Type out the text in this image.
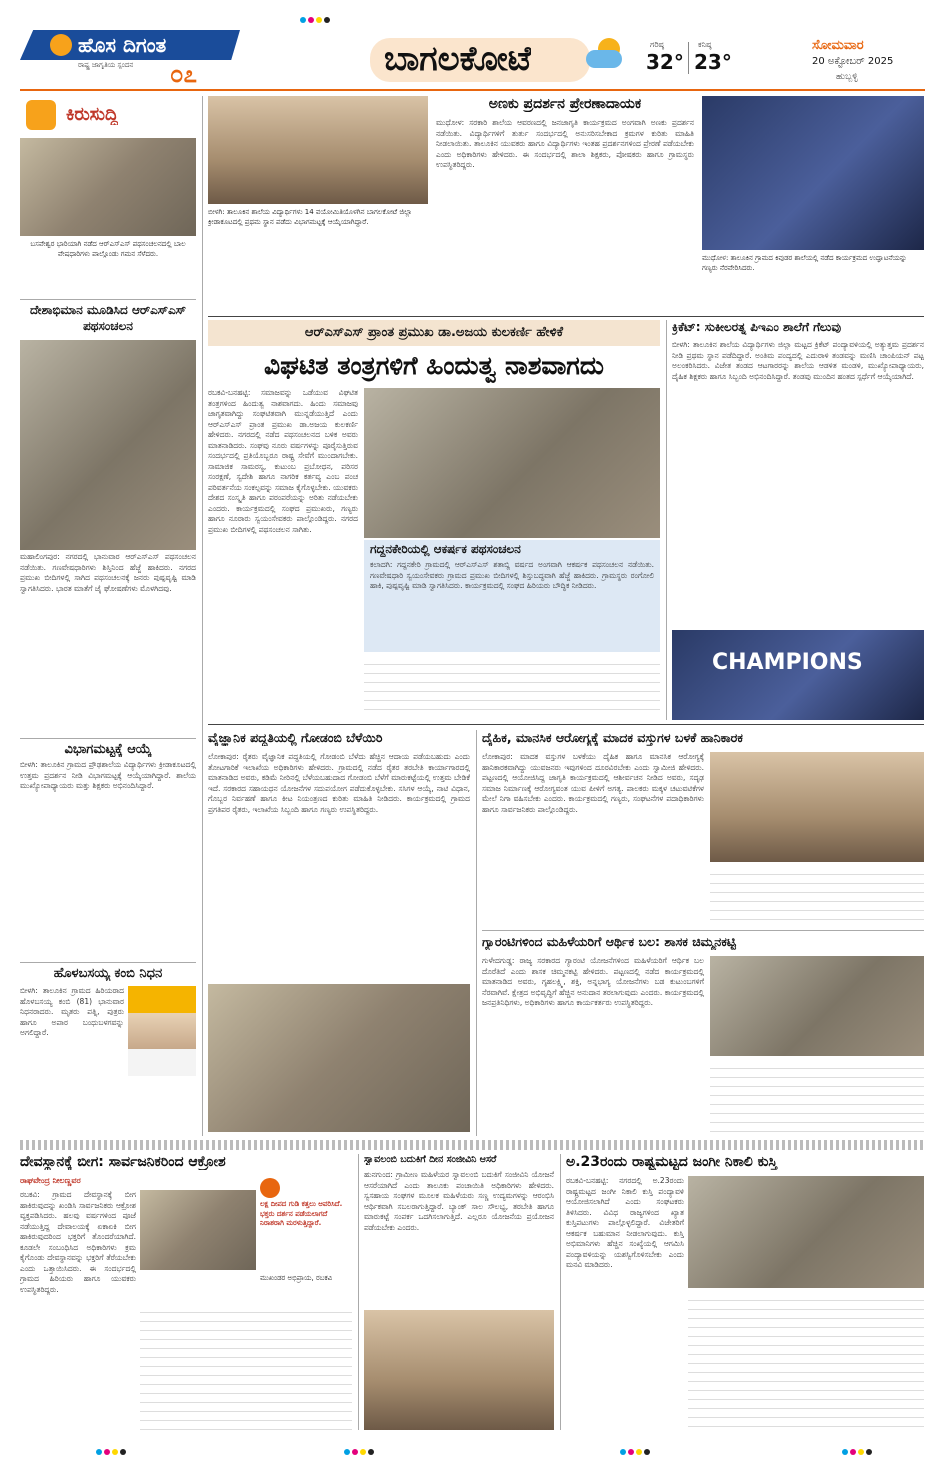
ಹೊಸ ದಿಗಂತ
ರಾಷ್ಟ್ರ ಜಾಗೃತಿಯ ಸ್ಪಂದನ ೦೭	ಬಾಗಲಕೋಟೆ	ಗರಿಷ್ಠ
32°
ಕನಿಷ್ಠ
23°
ಸೋಮವಾರ
20 ಅಕ್ಟೋಬರ್ 2025
ಹುಬ್ಬಳ್ಳಿ
ಕಿರುಸುದ್ದಿ
ಬಸವೇಶ್ವರ ಭಾರಿಯಾಗಿ ನಡೆದ ಆರ್‌ಎಸ್‌ಎಸ್ ಪಥಸಂಚಲನದಲ್ಲಿ ಬಾಲ ವೇಷಧಾರಿಗಳು ಪಾಲ್ಗೊಂಡು ಗಮನ ಸೆಳೆದರು.
ದೇಶಾಭಿಮಾನ ಮೂಡಿಸಿದ ಆರ್‌ಎಸ್‌ಎಸ್ ಪಥಸಂಚಲನ
ಮಹಾಲಿಂಗಪುರ: ನಗರದಲ್ಲಿ ಭಾನುವಾರ ಆರ್‌ಎಸ್‌ಎಸ್ ಪಥಸಂಚಲನ ನಡೆಯಿತು. ಗಣವೇಷಧಾರಿಗಳು ಶಿಸ್ತಿನಿಂದ ಹೆಜ್ಜೆ ಹಾಕಿದರು. ನಗರದ ಪ್ರಮುಖ ಬೀದಿಗಳಲ್ಲಿ ಸಾಗಿದ ಪಥಸಂಚಲನಕ್ಕೆ ಜನರು ಪುಷ್ಪವೃಷ್ಟಿ ಮಾಡಿ ಸ್ವಾಗತಿಸಿದರು. ಭಾರತ ಮಾತೆಗೆ ಜೈ ಘೋಷಣೆಗಳು ಮೊಳಗಿದವು.
ವಿಭಾಗಮಟ್ಟಕ್ಕೆ ಆಯ್ಕೆ
ಬೀಳಗಿ: ತಾಲೂಕಿನ ಗ್ರಾಮದ ಪ್ರೌಢಶಾಲೆಯ ವಿದ್ಯಾರ್ಥಿಗಳು ಕ್ರೀಡಾಕೂಟದಲ್ಲಿ ಉತ್ತಮ ಪ್ರದರ್ಶನ ನೀಡಿ ವಿಭಾಗಮಟ್ಟಕ್ಕೆ ಆಯ್ಕೆಯಾಗಿದ್ದಾರೆ. ಶಾಲೆಯ ಮುಖ್ಯೋಪಾಧ್ಯಾಯರು ಮತ್ತು ಶಿಕ್ಷಕರು ಅಭಿನಂದಿಸಿದ್ದಾರೆ.
ಹೊಳಬಸಯ್ಯ ಕಂಬಿ ನಿಧನ
ಬೀಳಗಿ: ತಾಲೂಕಿನ ಗ್ರಾಮದ ಹಿರಿಯರಾದ ಹೊಳಬಸಯ್ಯ ಕಂಬಿ (81) ಭಾನುವಾರ ನಿಧನರಾದರು. ಮೃತರು ಪತ್ನಿ, ಪುತ್ರರು ಹಾಗೂ ಅಪಾರ ಬಂಧುಬಳಗವನ್ನು ಅಗಲಿದ್ದಾರೆ.
ಬೀಳಗಿ: ತಾಲೂಕಿನ ಶಾಲೆಯ ವಿದ್ಯಾರ್ಥಿಗಳು 14 ವಯೋಮಿತಿಯೊಳಗಿನ ಬಾಗಲಕೋಟೆ ಜಿಲ್ಲಾ ಕ್ರೀಡಾಕೂಟದಲ್ಲಿ ಪ್ರಥಮ ಸ್ಥಾನ ಪಡೆದು ವಿಭಾಗಮಟ್ಟಕ್ಕೆ ಆಯ್ಕೆಯಾಗಿದ್ದಾರೆ.
ಅಣಕು ಪ್ರದರ್ಶನ ಪ್ರೇರಣಾದಾಯಕ
ಮುಧೋಳ: ಸರಕಾರಿ ಶಾಲೆಯ ಆವರಣದಲ್ಲಿ ಜನಜಾಗೃತಿ ಕಾರ್ಯಕ್ರಮದ ಅಂಗವಾಗಿ ಅಣಕು ಪ್ರದರ್ಶನ ನಡೆಯಿತು. ವಿದ್ಯಾರ್ಥಿಗಳಿಗೆ ತುರ್ತು ಸಂದರ್ಭದಲ್ಲಿ ಅನುಸರಿಸಬೇಕಾದ ಕ್ರಮಗಳ ಕುರಿತು ಮಾಹಿತಿ ನೀಡಲಾಯಿತು. ತಾಲೂಕಿನ ಯುವಕರು ಹಾಗೂ ವಿದ್ಯಾರ್ಥಿಗಳು ಇಂತಹ ಪ್ರದರ್ಶನಗಳಿಂದ ಪ್ರೇರಣೆ ಪಡೆಯಬೇಕು ಎಂದು ಅಧಿಕಾರಿಗಳು ಹೇಳಿದರು. ಈ ಸಂದರ್ಭದಲ್ಲಿ ಶಾಲಾ ಶಿಕ್ಷಕರು, ಪೋಷಕರು ಹಾಗೂ ಗ್ರಾಮಸ್ಥರು ಉಪಸ್ಥಿತರಿದ್ದರು.
ಮುಧೋಳ: ತಾಲೂಕಿನ ಗ್ರಾಮದ ಕಿವುಡರ ಶಾಲೆಯಲ್ಲಿ ನಡೆದ ಕಾರ್ಯಕ್ರಮದ ಉದ್ಘಾಟನೆಯನ್ನು ಗಣ್ಯರು ನೆರವೇರಿಸಿದರು.
ಆರ್‌ಎಸ್‌ಎಸ್ ಪ್ರಾಂತ ಪ್ರಮುಖ ಡಾ.ಅಜಯ ಕುಲಕರ್ಣಿ ಹೇಳಿಕೆ
ವಿಘಟಿತ ತಂತ್ರಗಳಿಗೆ ಹಿಂದುತ್ವ ನಾಶವಾಗದು
ರಬಕವಿ-ಬನಹಟ್ಟಿ: ಸಮಾಜವನ್ನು ಒಡೆಯುವ ವಿಘಟಿತ ತಂತ್ರಗಳಿಂದ ಹಿಂದುತ್ವ ನಾಶವಾಗದು. ಹಿಂದು ಸಮಾಜವು ಜಾಗೃತವಾಗಿದ್ದು ಸಂಘಟಿತವಾಗಿ ಮುನ್ನಡೆಯುತ್ತಿದೆ ಎಂದು ಆರ್‌ಎಸ್‌ಎಸ್ ಪ್ರಾಂತ ಪ್ರಮುಖ ಡಾ.ಅಜಯ ಕುಲಕರ್ಣಿ ಹೇಳಿದರು. ನಗರದಲ್ಲಿ ನಡೆದ ಪಥಸಂಚಲನದ ಬಳಿಕ ಅವರು ಮಾತನಾಡಿದರು. ಸಂಘವು ನೂರು ವರ್ಷಗಳನ್ನು ಪೂರೈಸುತ್ತಿರುವ ಸಂದರ್ಭದಲ್ಲಿ ಪ್ರತಿಯೊಬ್ಬರೂ ರಾಷ್ಟ್ರ ಸೇವೆಗೆ ಮುಂದಾಗಬೇಕು. ಸಾಮಾಜಿಕ ಸಾಮರಸ್ಯ, ಕುಟುಂಬ ಪ್ರಬೋಧನ, ಪರಿಸರ ಸಂರಕ್ಷಣೆ, ಸ್ವದೇಶಿ ಹಾಗೂ ನಾಗರಿಕ ಕರ್ತವ್ಯ ಎಂಬ ಪಂಚ ಪರಿವರ್ತನೆಯ ಸಂಕಲ್ಪವನ್ನು ಸಮಾಜ ಕೈಗೊಳ್ಳಬೇಕು. ಯುವಕರು ದೇಶದ ಸಂಸ್ಕೃತಿ ಹಾಗೂ ಪರಂಪರೆಯನ್ನು ಅರಿತು ನಡೆಯಬೇಕು ಎಂದರು. ಕಾರ್ಯಕ್ರಮದಲ್ಲಿ ಸಂಘದ ಪ್ರಮುಖರು, ಗಣ್ಯರು ಹಾಗೂ ನೂರಾರು ಸ್ವಯಂಸೇವಕರು ಪಾಲ್ಗೊಂಡಿದ್ದರು. ನಗರದ ಪ್ರಮುಖ ಬೀದಿಗಳಲ್ಲಿ ಪಥಸಂಚಲನ ಸಾಗಿತು.
ಗದ್ದನಕೇರಿಯಲ್ಲಿ ಆಕರ್ಷಕ ಪಥಸಂಚಲನ
ಕಲಾದಗಿ: ಗದ್ದನಕೇರಿ ಗ್ರಾಮದಲ್ಲಿ ಆರ್‌ಎಸ್‌ಎಸ್ ಶತಾಬ್ದಿ ವರ್ಷದ ಅಂಗವಾಗಿ ಆಕರ್ಷಕ ಪಥಸಂಚಲನ ನಡೆಯಿತು. ಗಣವೇಷಧಾರಿ ಸ್ವಯಂಸೇವಕರು ಗ್ರಾಮದ ಪ್ರಮುಖ ಬೀದಿಗಳಲ್ಲಿ ಶಿಸ್ತುಬದ್ಧವಾಗಿ ಹೆಜ್ಜೆ ಹಾಕಿದರು. ಗ್ರಾಮಸ್ಥರು ರಂಗೋಲಿ ಹಾಕಿ, ಪುಷ್ಪವೃಷ್ಟಿ ಮಾಡಿ ಸ್ವಾಗತಿಸಿದರು. ಕಾರ್ಯಕ್ರಮದಲ್ಲಿ ಸಂಘದ ಹಿರಿಯರು ಬೌದ್ಧಿಕ ನೀಡಿದರು.
ಕ್ರಿಕೆಟ್: ಸುಕೀಲರತ್ನ ಪಿಇಎಂ ಶಾಲೆಗೆ ಗೆಲುವು
ಬೀಳಗಿ: ತಾಲೂಕಿನ ಶಾಲೆಯ ವಿದ್ಯಾರ್ಥಿಗಳು ಜಿಲ್ಲಾ ಮಟ್ಟದ ಕ್ರಿಕೆಟ್ ಪಂದ್ಯಾವಳಿಯಲ್ಲಿ ಅತ್ಯುತ್ತಮ ಪ್ರದರ್ಶನ ನೀಡಿ ಪ್ರಥಮ ಸ್ಥಾನ ಪಡೆದಿದ್ದಾರೆ. ಅಂತಿಮ ಪಂದ್ಯದಲ್ಲಿ ಎದುರಾಳಿ ತಂಡವನ್ನು ಮಣಿಸಿ ಚಾಂಪಿಯನ್ ಪಟ್ಟ ಅಲಂಕರಿಸಿದರು. ವಿಜೇತ ತಂಡದ ಆಟಗಾರರನ್ನು ಶಾಲೆಯ ಆಡಳಿತ ಮಂಡಳಿ, ಮುಖ್ಯೋಪಾಧ್ಯಾಯರು, ದೈಹಿಕ ಶಿಕ್ಷಕರು ಹಾಗೂ ಸಿಬ್ಬಂದಿ ಅಭಿನಂದಿಸಿದ್ದಾರೆ. ತಂಡವು ಮುಂದಿನ ಹಂತದ ಸ್ಪರ್ಧೆಗೆ ಆಯ್ಕೆಯಾಗಿದೆ.
CHAMPIONS
ವೈಜ್ಞಾನಿಕ ಪದ್ಧತಿಯಲ್ಲಿ ಗೋಡಂಬಿ ಬೆಳೆಯಿರಿ
ಲೋಕಾಪುರ: ರೈತರು ವೈಜ್ಞಾನಿಕ ಪದ್ಧತಿಯಲ್ಲಿ ಗೋಡಂಬಿ ಬೆಳೆದು ಹೆಚ್ಚಿನ ಆದಾಯ ಪಡೆಯಬಹುದು ಎಂದು ತೋಟಗಾರಿಕೆ ಇಲಾಖೆಯ ಅಧಿಕಾರಿಗಳು ಹೇಳಿದರು. ಗ್ರಾಮದಲ್ಲಿ ನಡೆದ ರೈತರ ತರಬೇತಿ ಕಾರ್ಯಾಗಾರದಲ್ಲಿ ಮಾತನಾಡಿದ ಅವರು, ಕಡಿಮೆ ನೀರಿನಲ್ಲಿ ಬೆಳೆಯಬಹುದಾದ ಗೋಡಂಬಿ ಬೆಳೆಗೆ ಮಾರುಕಟ್ಟೆಯಲ್ಲಿ ಉತ್ತಮ ಬೇಡಿಕೆ ಇದೆ. ಸರಕಾರದ ಸಹಾಯಧನ ಯೋಜನೆಗಳ ಸದುಪಯೋಗ ಪಡೆದುಕೊಳ್ಳಬೇಕು. ಸಸಿಗಳ ಆಯ್ಕೆ, ನಾಟಿ ವಿಧಾನ, ಗೊಬ್ಬರ ನಿರ್ವಹಣೆ ಹಾಗೂ ಕೀಟ ನಿಯಂತ್ರಣದ ಕುರಿತು ಮಾಹಿತಿ ನೀಡಿದರು. ಕಾರ್ಯಕ್ರಮದಲ್ಲಿ ಗ್ರಾಮದ ಪ್ರಗತಿಪರ ರೈತರು, ಇಲಾಖೆಯ ಸಿಬ್ಬಂದಿ ಹಾಗೂ ಗಣ್ಯರು ಉಪಸ್ಥಿತರಿದ್ದರು.
ದೈಹಿಕ, ಮಾನಸಿಕ ಆರೋಗ್ಯಕ್ಕೆ ಮಾದಕ ವಸ್ತುಗಳ ಬಳಕೆ ಹಾನಿಕಾರಕ
ಲೋಕಾಪುರ: ಮಾದಕ ವಸ್ತುಗಳ ಬಳಕೆಯು ದೈಹಿಕ ಹಾಗೂ ಮಾನಸಿಕ ಆರೋಗ್ಯಕ್ಕೆ ಹಾನಿಕಾರಕವಾಗಿದ್ದು ಯುವಜನರು ಇವುಗಳಿಂದ ದೂರವಿರಬೇಕು ಎಂದು ಸ್ವಾಮೀಜಿ ಹೇಳಿದರು. ಪಟ್ಟಣದಲ್ಲಿ ಆಯೋಜಿಸಿದ್ದ ಜಾಗೃತಿ ಕಾರ್ಯಕ್ರಮದಲ್ಲಿ ಆಶೀರ್ವಚನ ನೀಡಿದ ಅವರು, ಸದೃಢ ಸಮಾಜ ನಿರ್ಮಾಣಕ್ಕೆ ಆರೋಗ್ಯವಂತ ಯುವ ಪೀಳಿಗೆ ಅಗತ್ಯ. ಪಾಲಕರು ಮಕ್ಕಳ ಚಟುವಟಿಕೆಗಳ ಮೇಲೆ ನಿಗಾ ವಹಿಸಬೇಕು ಎಂದರು. ಕಾರ್ಯಕ್ರಮದಲ್ಲಿ ಗಣ್ಯರು, ಸಂಘಟನೆಗಳ ಪದಾಧಿಕಾರಿಗಳು ಹಾಗೂ ಸಾರ್ವಜನಿಕರು ಪಾಲ್ಗೊಂಡಿದ್ದರು.
ಗ್ಯಾರಂಟಿಗಳಿಂದ ಮಹಿಳೆಯರಿಗೆ ಆರ್ಥಿಕ ಬಲ: ಶಾಸಕ ಚಿಮ್ಮನಕಟ್ಟಿ
ಗುಳೇದಗುಡ್ಡ: ರಾಜ್ಯ ಸರಕಾರದ ಗ್ಯಾರಂಟಿ ಯೋಜನೆಗಳಿಂದ ಮಹಿಳೆಯರಿಗೆ ಆರ್ಥಿಕ ಬಲ ದೊರೆತಿದೆ ಎಂದು ಶಾಸಕ ಚಿಮ್ಮನಕಟ್ಟಿ ಹೇಳಿದರು. ಪಟ್ಟಣದಲ್ಲಿ ನಡೆದ ಕಾರ್ಯಕ್ರಮದಲ್ಲಿ ಮಾತನಾಡಿದ ಅವರು, ಗೃಹಲಕ್ಷ್ಮಿ, ಶಕ್ತಿ, ಅನ್ನಭಾಗ್ಯ ಯೋಜನೆಗಳು ಬಡ ಕುಟುಂಬಗಳಿಗೆ ನೆರವಾಗಿವೆ. ಕ್ಷೇತ್ರದ ಅಭಿವೃದ್ಧಿಗೆ ಹೆಚ್ಚಿನ ಅನುದಾನ ತರಲಾಗುವುದು ಎಂದರು. ಕಾರ್ಯಕ್ರಮದಲ್ಲಿ ಜನಪ್ರತಿನಿಧಿಗಳು, ಅಧಿಕಾರಿಗಳು ಹಾಗೂ ಕಾರ್ಯಕರ್ತರು ಉಪಸ್ಥಿತರಿದ್ದರು.
ದೇವಸ್ಥಾನಕ್ಕೆ ಬೀಗ: ಸಾರ್ವಜನಿಕರಿಂದ ಆಕ್ರೋಶ
ರಾಘವೇಂದ್ರ ನೀಲಣ್ಣವರ
ರಬಕವಿ: ಗ್ರಾಮದ ದೇವಸ್ಥಾನಕ್ಕೆ ಬೀಗ ಹಾಕಿರುವುದನ್ನು ಖಂಡಿಸಿ ಸಾರ್ವಜನಿಕರು ಆಕ್ರೋಶ ವ್ಯಕ್ತಪಡಿಸಿದರು. ಹಲವು ವರ್ಷಗಳಿಂದ ಪೂಜೆ ನಡೆಯುತ್ತಿದ್ದ ದೇವಾಲಯಕ್ಕೆ ಏಕಾಏಕಿ ಬೀಗ ಹಾಕಿರುವುದರಿಂದ ಭಕ್ತರಿಗೆ ತೊಂದರೆಯಾಗಿದೆ. ಕೂಡಲೇ ಸಂಬಂಧಿಸಿದ ಅಧಿಕಾರಿಗಳು ಕ್ರಮ ಕೈಗೊಂಡು ದೇವಸ್ಥಾನವನ್ನು ಭಕ್ತರಿಗೆ ತೆರೆಯಬೇಕು ಎಂದು ಒತ್ತಾಯಿಸಿದರು. ಈ ಸಂದರ್ಭದಲ್ಲಿ ಗ್ರಾಮದ ಹಿರಿಯರು ಹಾಗೂ ಯುವಕರು ಉಪಸ್ಥಿತರಿದ್ದರು.
ಲಕ್ಷ ದೀಪದ ಗುಡಿ ಕತ್ತಲು ಆವರಿಸಿದೆ. ಭಕ್ತರು ದರ್ಶನ ಪಡೆಯಲಾಗದೆ ನಿರಾಶರಾಗಿ ಮರಳುತ್ತಿದ್ದಾರೆ.
ಮುಖಂಡರ ಅಭಿಪ್ರಾಯ, ರಬಕವಿ
ಸ್ವಾವಲಂಬಿ ಬದುಕಿಗೆ ದೀನ ಸಂಜೀವಿನಿ ಆಸರೆ
ಹುನಗುಂದ: ಗ್ರಾಮೀಣ ಮಹಿಳೆಯರ ಸ್ವಾವಲಂಬಿ ಬದುಕಿಗೆ ಸಂಜೀವಿನಿ ಯೋಜನೆ ಆಸರೆಯಾಗಿದೆ ಎಂದು ತಾಲೂಕು ಪಂಚಾಯಿತಿ ಅಧಿಕಾರಿಗಳು ಹೇಳಿದರು. ಸ್ವಸಹಾಯ ಸಂಘಗಳ ಮೂಲಕ ಮಹಿಳೆಯರು ಸಣ್ಣ ಉದ್ಯಮಗಳನ್ನು ಆರಂಭಿಸಿ ಆರ್ಥಿಕವಾಗಿ ಸಬಲರಾಗುತ್ತಿದ್ದಾರೆ. ಬ್ಯಾಂಕ್ ಸಾಲ ಸೌಲಭ್ಯ, ತರಬೇತಿ ಹಾಗೂ ಮಾರುಕಟ್ಟೆ ಸಂಪರ್ಕ ಒದಗಿಸಲಾಗುತ್ತಿದೆ. ಎಲ್ಲರೂ ಯೋಜನೆಯ ಪ್ರಯೋಜನ ಪಡೆಯಬೇಕು ಎಂದರು.
ಅ.23ರಂದು ರಾಷ್ಟ್ರಮಟ್ಟದ ಜಂಗೀ ನಿಕಾಲಿ ಕುಸ್ತಿ
ರಬಕವಿ-ಬನಹಟ್ಟಿ: ನಗರದಲ್ಲಿ ಅ.23ರಂದು ರಾಷ್ಟ್ರಮಟ್ಟದ ಜಂಗೀ ನಿಕಾಲಿ ಕುಸ್ತಿ ಪಂದ್ಯಾವಳಿ ಆಯೋಜಿಸಲಾಗಿದೆ ಎಂದು ಸಂಘಟಕರು ತಿಳಿಸಿದರು. ವಿವಿಧ ರಾಜ್ಯಗಳಿಂದ ಖ್ಯಾತ ಕುಸ್ತಿಪಟುಗಳು ಪಾಲ್ಗೊಳ್ಳಲಿದ್ದಾರೆ. ವಿಜೇತರಿಗೆ ಆಕರ್ಷಕ ಬಹುಮಾನ ನೀಡಲಾಗುವುದು. ಕುಸ್ತಿ ಅಭಿಮಾನಿಗಳು ಹೆಚ್ಚಿನ ಸಂಖ್ಯೆಯಲ್ಲಿ ಆಗಮಿಸಿ ಪಂದ್ಯಾವಳಿಯನ್ನು ಯಶಸ್ವಿಗೊಳಿಸಬೇಕು ಎಂದು ಮನವಿ ಮಾಡಿದರು.
